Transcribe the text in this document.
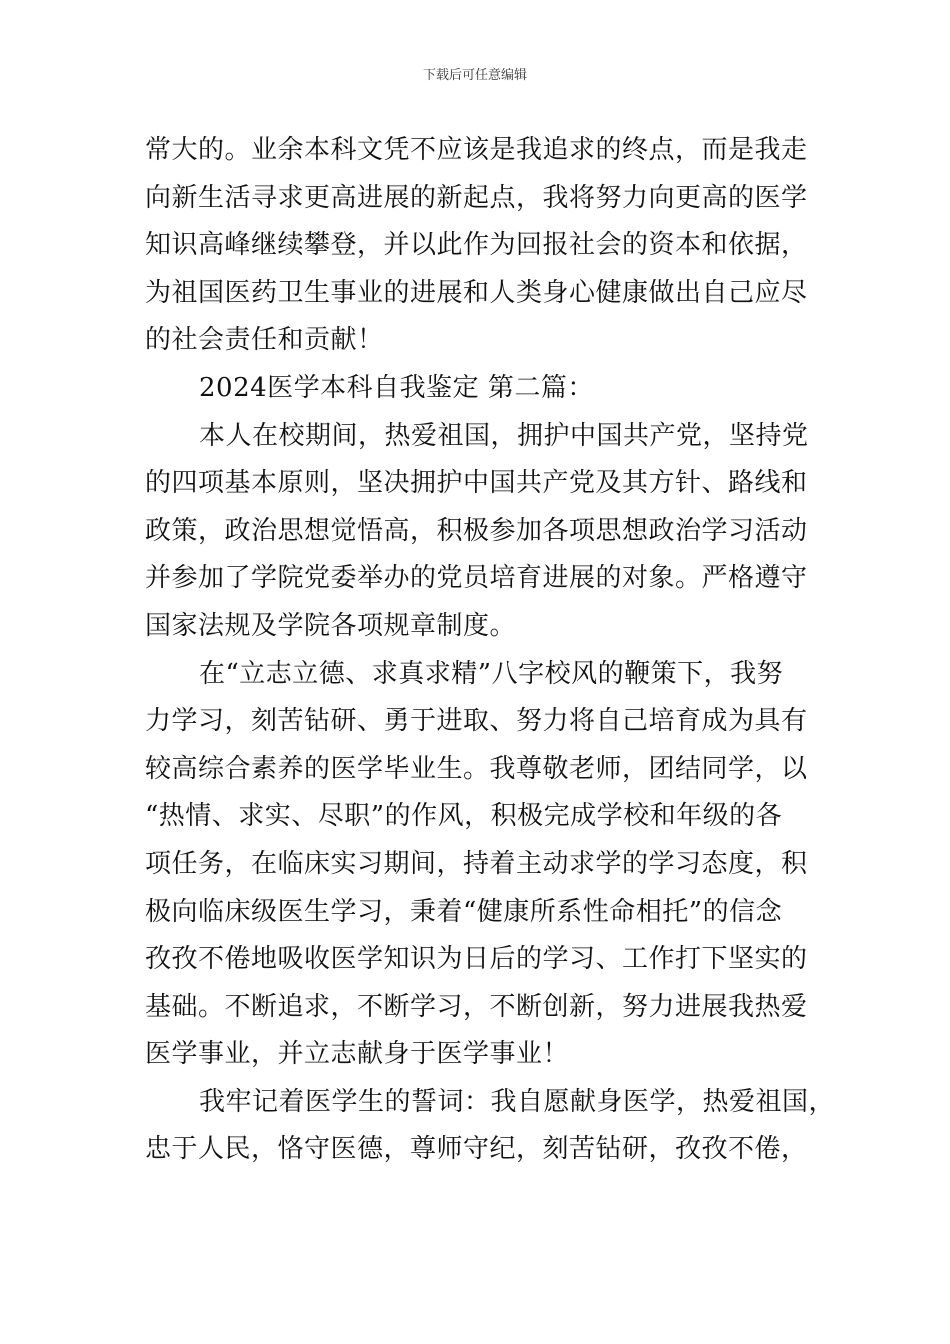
下载后可任意编辑
常大的。业余本科文凭不应该是我追求的终点，而是我走
向新生活寻求更高进展的新起点，我将努力向更高的医学
知识高峰继续攀登，并以此作为回报社会的资本和依据，
为祖国医药卫生事业的进展和人类身心健康做出自己应尽
的社会责任和贡献！
2024医学本科自我鉴定 第二篇：
本人在校期间，热爱祖国，拥护中国共产党，坚持党
的四项基本原则，坚决拥护中国共产党及其方针、路线和
政策，政治思想觉悟高，积极参加各项思想政治学习活动
并参加了学院党委举办的党员培育进展的对象。严格遵守
国家法规及学院各项规章制度。
在“立志立德、求真求精”八字校风的鞭策下，我努
力学习，刻苦钻研、勇于进取、努力将自己培育成为具有
较高综合素养的医学毕业生。我尊敬老师，团结同学，以
“热情、求实、尽职”的作风，积极完成学校和年级的各
项任务，在临床实习期间，持着主动求学的学习态度，积
极向临床级医生学习，秉着“健康所系性命相托”的信念
孜孜不倦地吸收医学知识为日后的学习、工作打下坚实的
基础。不断追求，不断学习，不断创新，努力进展我热爱
医学事业，并立志献身于医学事业！
我牢记着医学生的誓词：我自愿献身医学，热爱祖国，
忠于人民，恪守医德，尊师守纪，刻苦钻研，孜孜不倦，
